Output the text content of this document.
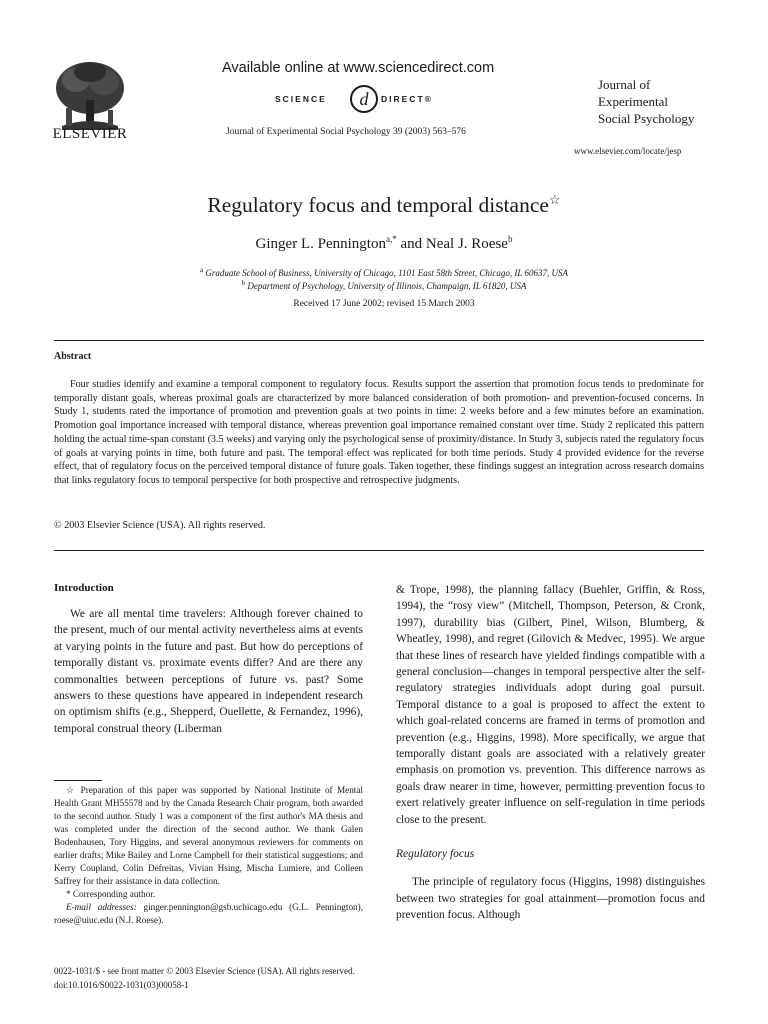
ELSEVIER
Available online at www.sciencedirect.com
SCIENCE d DIRECT®
Journal of Experimental Social Psychology 39 (2003) 563–576
Journal of
Experimental
Social Psychology
www.elsevier.com/locate/jesp
Regulatory focus and temporal distance☆
Ginger L. Pennington$^{a,*}$ and Neal J. Roese$^b$
$^a$ Graduate School of Business, University of Chicago, 1101 East 58th Street, Chicago, IL 60637, USA
$^b$ Department of Psychology, University of Illinois, Champaign, IL 61820, USA
Received 17 June 2002; revised 15 March 2003
Abstract

Four studies identify and examine a temporal component to regulatory focus. Results support the assertion that promotion focus tends to predominate for temporally distant goals, whereas proximal goals are characterized by more balanced consideration of both promotion- and prevention-focused concerns. In Study 1, students rated the importance of promotion and prevention goals at two points in time: 2 weeks before and a few minutes before an examination. Promotion goal importance increased with temporal distance, whereas prevention goal importance remained constant over time. Study 2 replicated this pattern holding the actual time-span constant (3.5 weeks) and varying only the psychological sense of proximity/distance. In Study 3, subjects rated the regulatory focus of goals at varying points in time, both future and past. The temporal effect was replicated for both time periods. Study 4 provided evidence for the reverse effect, that of regulatory focus on the perceived temporal distance of future goals. Taken together, these findings suggest an integration across research domains that links regulatory focus to temporal perspective for both prospective and retrospective judgments.

© 2003 Elsevier Science (USA). All rights reserved.
Introduction

We are all mental time travelers: Although forever chained to the present, much of our mental activity nevertheless aims at events at varying points in the future and past. But how do perceptions of temporally distant vs. proximate events differ? And are there any commonalties between perceptions of future vs. past? Some answers to these questions have appeared in independent research on optimism shifts (e.g., Shepperd, Ouellette, & Fernandez, 1996), temporal construal theory (Liberman

☆ Preparation of this paper was supported by National Institute of Mental Health Grant MH55578 and by the Canada Research Chair program, both awarded to the second author. Study 1 was a component of the first author's MA thesis and was completed under the direction of the second author. We thank Galen Bodenhausen, Tory Higgins, and several anonymous reviewers for comments on earlier drafts; Mike Bailey and Lorne Campbell for their statistical suggestions; and Kerry Coupland, Colin Defreitas, Vivian Hsing, Mischa Lumiere, and Colleen Saffrey for their assistance in data collection.

* Corresponding author.

E-mail addresses: ginger.pennington@gsb.uchicago.edu (G.L. Pennington), roese@uiuc.edu (N.J. Roese).

& Trope, 1998), the planning fallacy (Buehler, Griffin, & Ross, 1994), the “rosy view” (Mitchell, Thompson, Peterson, & Cronk, 1997), durability bias (Gilbert, Pinel, Wilson, Blumberg, & Wheatley, 1998), and regret (Gilovich & Medvec, 1995). We argue that these lines of research have yielded findings compatible with a general conclusion—changes in temporal perspective alter the self-regulatory strategies individuals adopt during goal pursuit. Temporal distance to a goal is proposed to affect the extent to which goal-related concerns are framed in terms of promotion and prevention (e.g., Higgins, 1998). More specifically, we argue that temporally distant goals are associated with a relatively greater emphasis on promotion vs. prevention. This difference narrows as goals draw nearer in time, however, permitting prevention focus to exert relatively greater influence on self-regulation in time periods close to the present.

Regulatory focus

The principle of regulatory focus (Higgins, 1998) distinguishes between two strategies for goal attainment—promotion focus and prevention focus. Although

0022-1031/$ - see front matter © 2003 Elsevier Science (USA). All rights reserved.
doi:10.1016/S0022-1031(03)00058-1
